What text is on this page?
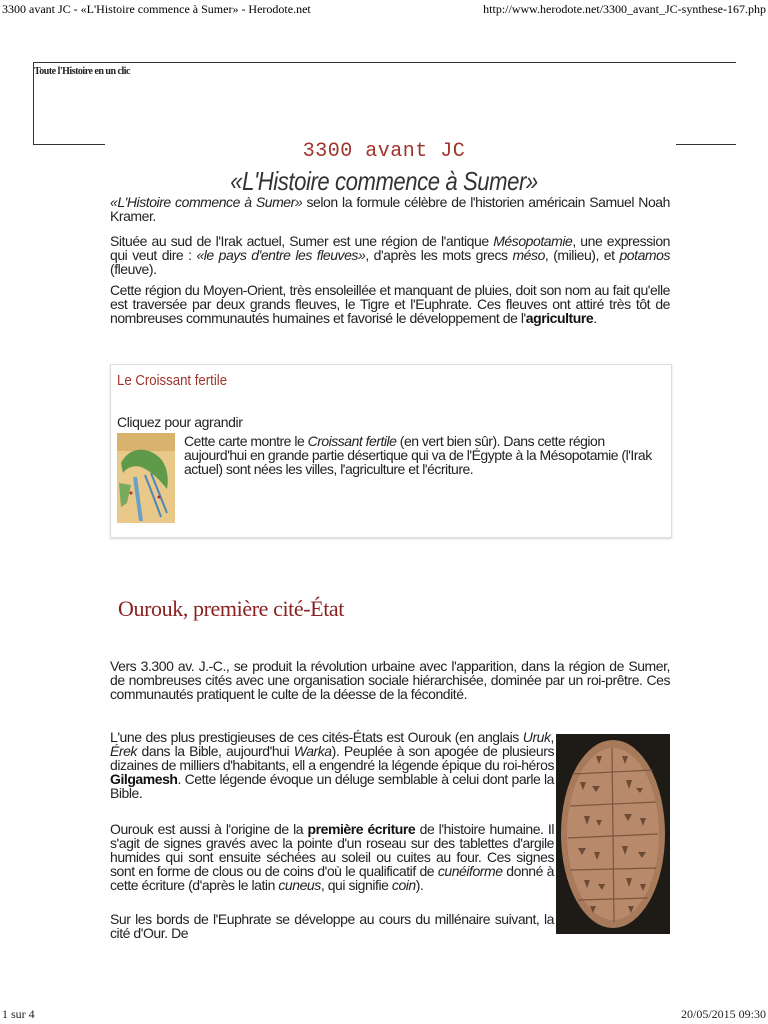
3300 avant JC - «L'Histoire commence à Sumer» - Herodote.net	http://www.herodote.net/3300_avant_JC-synthese-167.php
1 sur 4	20/05/2015 09:30
Toute l'Histoire en un clic
3300 avant JC
«L'Histoire commence à Sumer»
«L'Histoire commence à Sumer» selon la formule célèbre de l'historien américain Samuel Noah Kramer.
Située au sud de l'Irak actuel, Sumer est une région de l'antique Mésopotamie, une expression qui veut dire : «le pays d'entre les fleuves», d'après les mots grecs méso, (milieu), et potamos (fleuve).
Cette région du Moyen-Orient, très ensoleillée et manquant de pluies, doit son nom au fait qu'elle est traversée par deux grands fleuves, le Tigre et l'Euphrate. Ces fleuves ont attiré très tôt de nombreuses communautés humaines et favorisé le développement de l'agriculture.
Le Croissant fertile
Cliquez pour agrandir
Cette carte montre le Croissant fertile (en vert bien sûr). Dans cette région aujourd'hui en grande partie désertique qui va de l'Égypte à la Mésopotamie (l'Irak actuel) sont nées les villes, l'agriculture et l'écriture.
Ourouk, première cité-État
Vers 3.300 av. J.-C., se produit la révolution urbaine avec l'apparition, dans la région de Sumer, de nombreuses cités avec une organisation sociale hiérarchisée, dominée par un roi-prêtre. Ces communautés pratiquent le culte de la déesse de la fécondité.
L'une des plus prestigieuses de ces cités-États est Ourouk (en anglais Uruk, Érek dans la Bible, aujourd'hui Warka). Peuplée à son apogée de plusieurs dizaines de milliers d'habitants, ell a engendré la légende épique du roi-héros Gilgamesh. Cette légende évoque un déluge semblable à celui dont parle la Bible.
Ourouk est aussi à l'origine de la première écriture de l'histoire humaine. Il s'agit de signes gravés avec la pointe d'un roseau sur des tablettes d'argile humides qui sont ensuite séchées au soleil ou cuites au four. Ces signes sont en forme de clous ou de coins d'où le qualificatif de cunéiforme donné à cette écriture (d'après le latin cuneus, qui signifie coin).
Sur les bords de l'Euphrate se développe au cours du millénaire suivant, la cité d'Our. De
